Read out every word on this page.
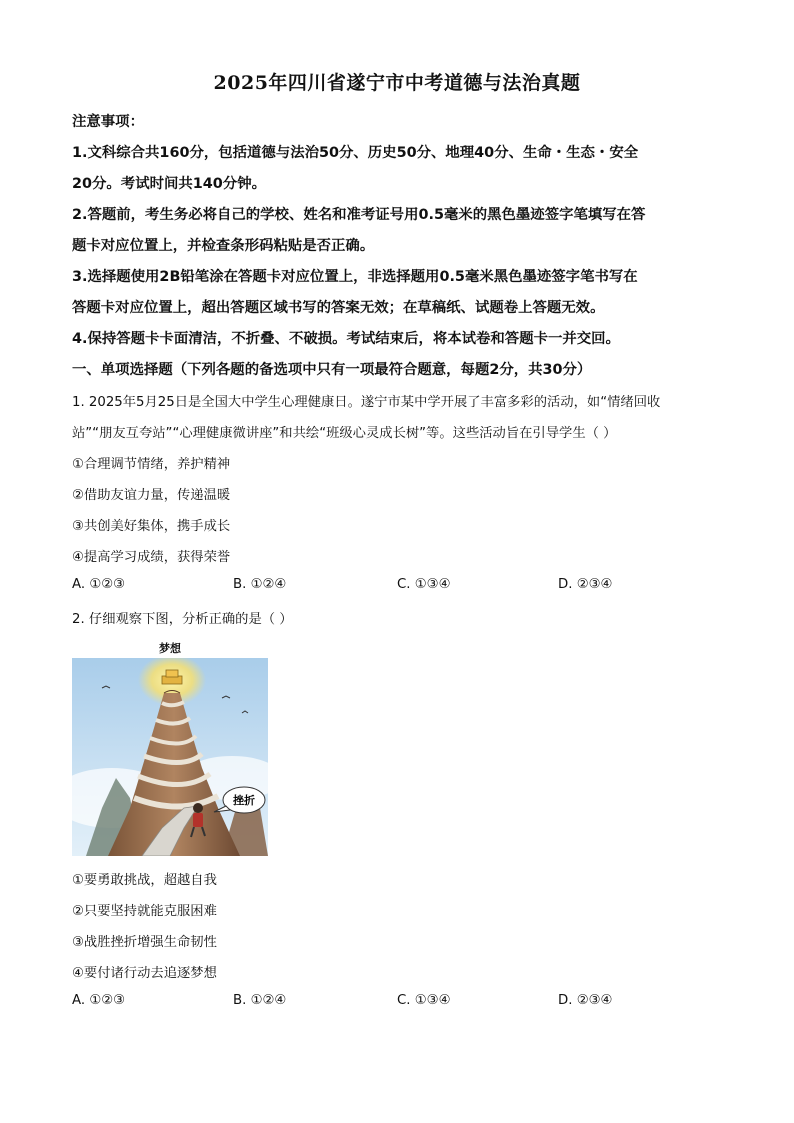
2025年四川省遂宁市中考道德与法治真题
注意事项：
1.文科综合共160分，包括道德与法治50分、历史50分、地理40分、生命・生态・安全
20分。考试时间共140分钟。
2.答题前，考生务必将自己的学校、姓名和准考证号用0.5毫米的黑色墨迹签字笔填写在答
题卡对应位置上，并检查条形码粘贴是否正确。
3.选择题使用2B铅笔涂在答题卡对应位置上，非选择题用0.5毫米黑色墨迹签字笔书写在
答题卡对应位置上，超出答题区域书写的答案无效；在草稿纸、试题卷上答题无效。
4.保持答题卡卡面清洁，不折叠、不破损。考试结束后，将本试卷和答题卡一并交回。
一、单项选择题（下列各题的备选项中只有一项最符合题意，每题2分，共30分）
1. 2025年5月25日是全国大中学生心理健康日。遂宁市某中学开展了丰富多彩的活动，如“情绪回收
站”“朋友互夸站”“心理健康微讲座”和共绘“班级心灵成长树”等。这些活动旨在引导学生（ ）
①合理调节情绪，养护精神
②借助友谊力量，传递温暖
③共创美好集体，携手成长
④提高学习成绩，获得荣誉
A. ①②③	B. ①②④	C. ①③④	D. ②③④
2. 仔细观察下图，分析正确的是（ ）
梦想
挫折
①要勇敢挑战，超越自我
②只要坚持就能克服困难
③战胜挫折增强生命韧性
④要付诸行动去追逐梦想
A. ①②③	B. ①②④	C. ①③④	D. ②③④
